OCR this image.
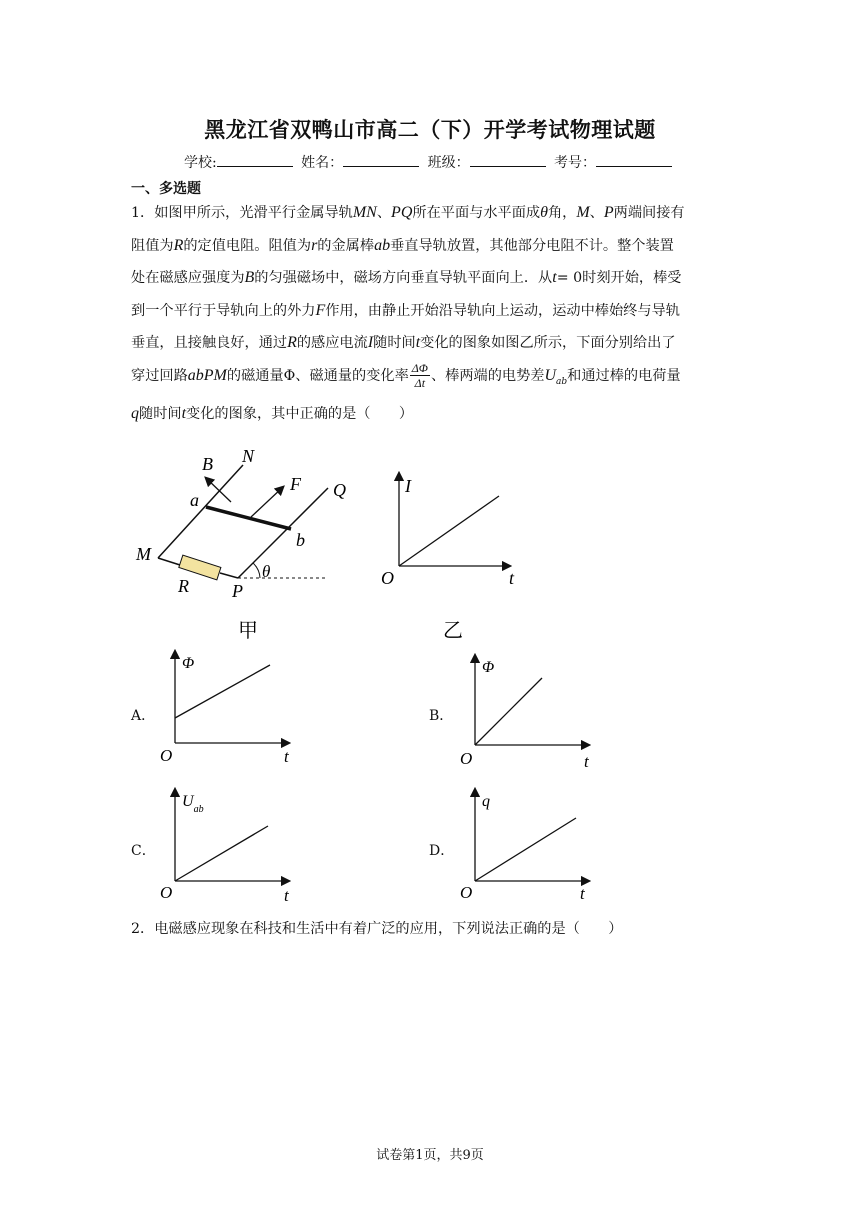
黑龙江省双鸭山市高二（下）开学考试物理试题
学校:	姓名：	班级：	考号：
一、多选题
1．如图甲所示，光滑平行金属导轨MN、PQ所在平面与水平面成θ角，M、P两端间接有
阻值为R的定值电阻。阻值为r的金属棒ab垂直导轨放置，其他部分电阻不计。整个装置
处在磁感应强度为B的匀强磁场中，磁场方向垂直导轨平面向上．从t= 0时刻开始，棒受
到一个平行于导轨向上的外力F作用，由静止开始沿导轨向上运动，运动中棒始终与导轨
垂直，且接触良好，通过R的感应电流I随时间t变化的图象如图乙所示，下面分别给出了
穿过回路abPM的磁通量Φ、磁通量的变化率 $\frac{\Delta\Phi}{\Delta t}$ 、棒两端的电势差$U_{ab}$和通过棒的电荷量
q随时间t变化的图象，其中正确的是（　　）
B N
F Q
a
b
M
R P
θ
甲
I
O	t
乙
A．
Φ
O	t
B．
Φ
O	t
C．
$U_{ab}$
O	t
D．
q
O	t
2．电磁感应现象在科技和生活中有着广泛的应用，下列说法正确的是（　　）
试卷第1页，共9页
